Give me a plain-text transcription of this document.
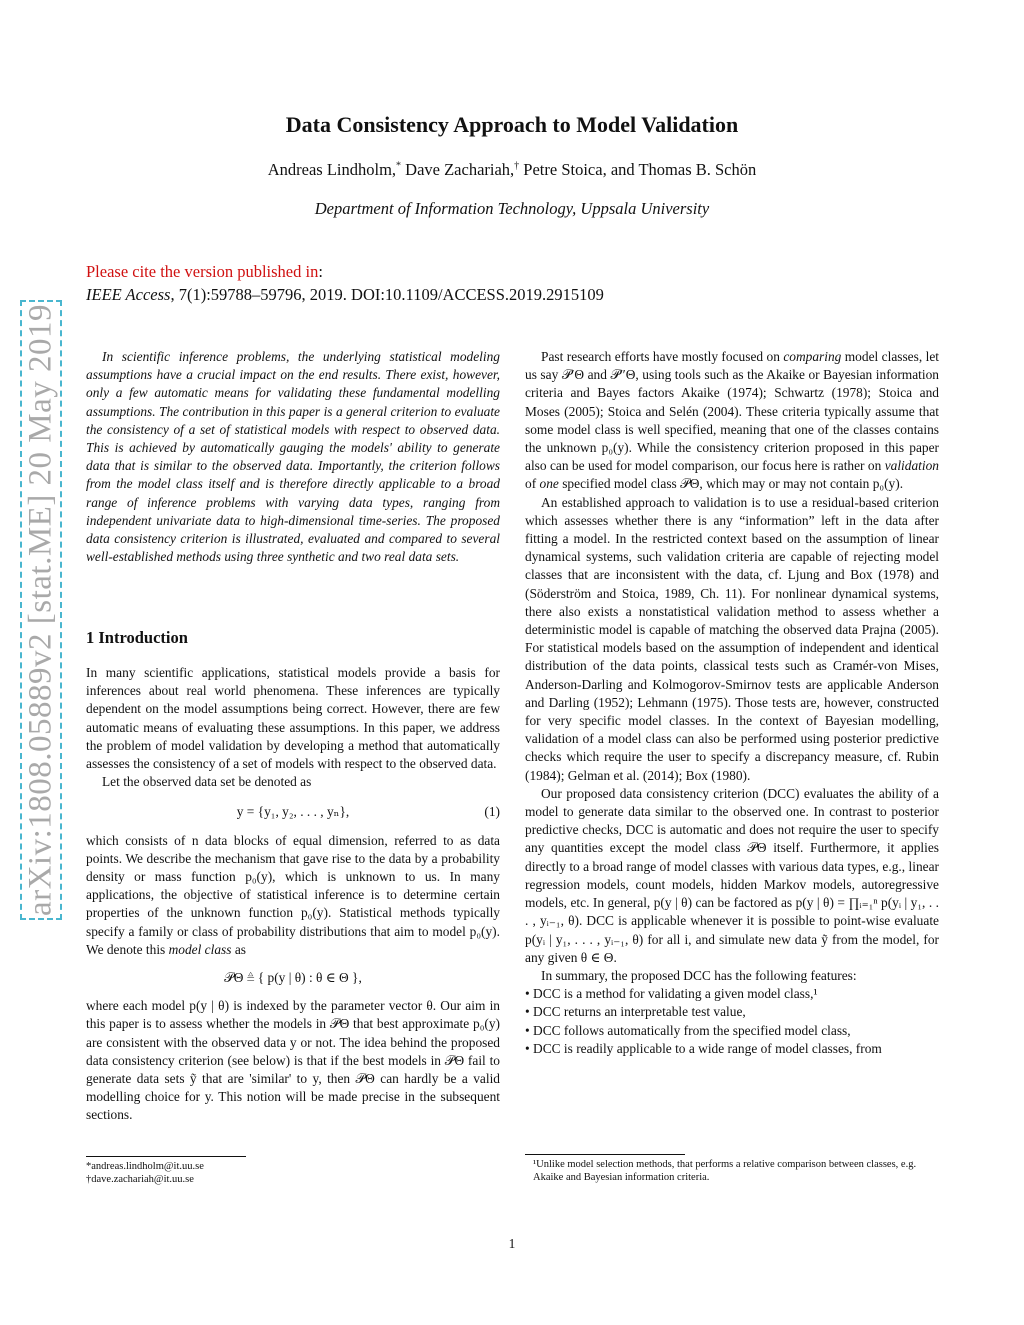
Data Consistency Approach to Model Validation
Andreas Lindholm,* Dave Zachariah,† Petre Stoica, and Thomas B. Schön
Department of Information Technology, Uppsala University
Please cite the version published in:
IEEE Access, 7(1):59788–59796, 2019. DOI:10.1109/ACCESS.2019.2915109
arXiv:1808.05889v2 [stat.ME] 20 May 2019	In scientific inference problems, the underlying statistical modeling assumptions have a crucial impact on the end results. There exist, however, only a few automatic means for validating these fundamental modelling assumptions. The contribution in this paper is a general criterion to evaluate the consistency of a set of statistical models with respect to observed data. This is achieved by automatically gauging the models' ability to generate data that is similar to the observed data. Importantly, the criterion follows from the model class itself and is therefore directly applicable to a broad range of inference problems with varying data types, ranging from independent univariate data to high-dimensional time-series. The proposed data consistency criterion is illustrated, evaluated and compared to several well-established methods using three synthetic and two real data sets.
1 Introduction

In many scientific applications, statistical models provide a basis for inferences about real world phenomena. These inferences are typically dependent on the model assumptions being correct. However, there are few automatic means of evaluating these assumptions. In this paper, we address the problem of model validation by developing a method that automatically assesses the consistency of a set of models with respect to the observed data.

Let the observed data set be denoted as

y = {y₁, y₂, . . . , yₙ},	(1)

which consists of n data blocks of equal dimension, referred to as data points. We describe the mechanism that gave rise to the data by a probability density or mass function p₀(y), which is unknown to us. In many applications, the objective of statistical inference is to determine certain properties of the unknown function p₀(y). Statistical methods typically specify a family or class of probability distributions that aim to model p₀(y). We denote this model class as

𝒫Θ ≜ { p(y | θ) : θ ∈ Θ },

where each model p(y | θ) is indexed by the parameter vector θ. Our aim in this paper is to assess whether the models in 𝒫Θ that best approximate p₀(y) are consistent with the observed data y or not. The idea behind the proposed data consistency criterion (see below) is that if the best models in 𝒫Θ fail to generate data sets ỹ that are 'similar' to y, then 𝒫Θ can hardly be a valid modelling choice for y. This notion will be made precise in the subsequent sections.

*andreas.lindholm@it.uu.se
†dave.zachariah@it.uu.se

Past research efforts have mostly focused on comparing model classes, let us say 𝒫′Θ and 𝒫″Θ, using tools such as the Akaike or Bayesian information criteria and Bayes factors Akaike (1974); Schwartz (1978); Stoica and Moses (2005); Stoica and Selén (2004). These criteria typically assume that some model class is well specified, meaning that one of the classes contains the unknown p₀(y). While the consistency criterion proposed in this paper also can be used for model comparison, our focus here is rather on validation of one specified model class 𝒫Θ, which may or may not contain p₀(y).

An established approach to validation is to use a residual-based criterion which assesses whether there is any “information” left in the data after fitting a model. In the restricted context based on the assumption of linear dynamical systems, such validation criteria are capable of rejecting model classes that are inconsistent with the data, cf. Ljung and Box (1978) and (Söderström and Stoica, 1989, Ch. 11). For nonlinear dynamical systems, there also exists a nonstatistical validation method to assess whether a deterministic model is capable of matching the observed data Prajna (2005). For statistical models based on the assumption of independent and identical distribution of the data points, classical tests such as Cramér-von Mises, Anderson-Darling and Kolmogorov-Smirnov tests are applicable Anderson and Darling (1952); Lehmann (1975). Those tests are, however, constructed for very specific model classes. In the context of Bayesian modelling, validation of a model class can also be performed using posterior predictive checks which require the user to specify a discrepancy measure, cf. Rubin (1984); Gelman et al. (2014); Box (1980).

Our proposed data consistency criterion (DCC) evaluates the ability of a model to generate data similar to the observed one. In contrast to posterior predictive checks, DCC is automatic and does not require the user to specify any quantities except the model class 𝒫Θ itself. Furthermore, it applies directly to a broad range of model classes with various data types, e.g., linear regression models, count models, hidden Markov models, autoregressive models, etc. In general, p(y | θ) can be factored as p(y | θ) = ∏ᵢ₌₁ⁿ p(yᵢ | y₁, . . . , yᵢ₋₁, θ). DCC is applicable whenever it is possible to point-wise evaluate p(yᵢ | y₁, . . . , yᵢ₋₁, θ) for all i, and simulate new data ỹ from the model, for any given θ ∈ Θ.

In summary, the proposed DCC has the following features:

• DCC is a method for validating a given model class,¹

• DCC returns an interpretable test value,

• DCC follows automatically from the specified model class,

• DCC is readily applicable to a wide range of model classes, from

¹Unlike model selection methods, that performs a relative comparison between classes, e.g. Akaike and Bayesian information criteria.
1
